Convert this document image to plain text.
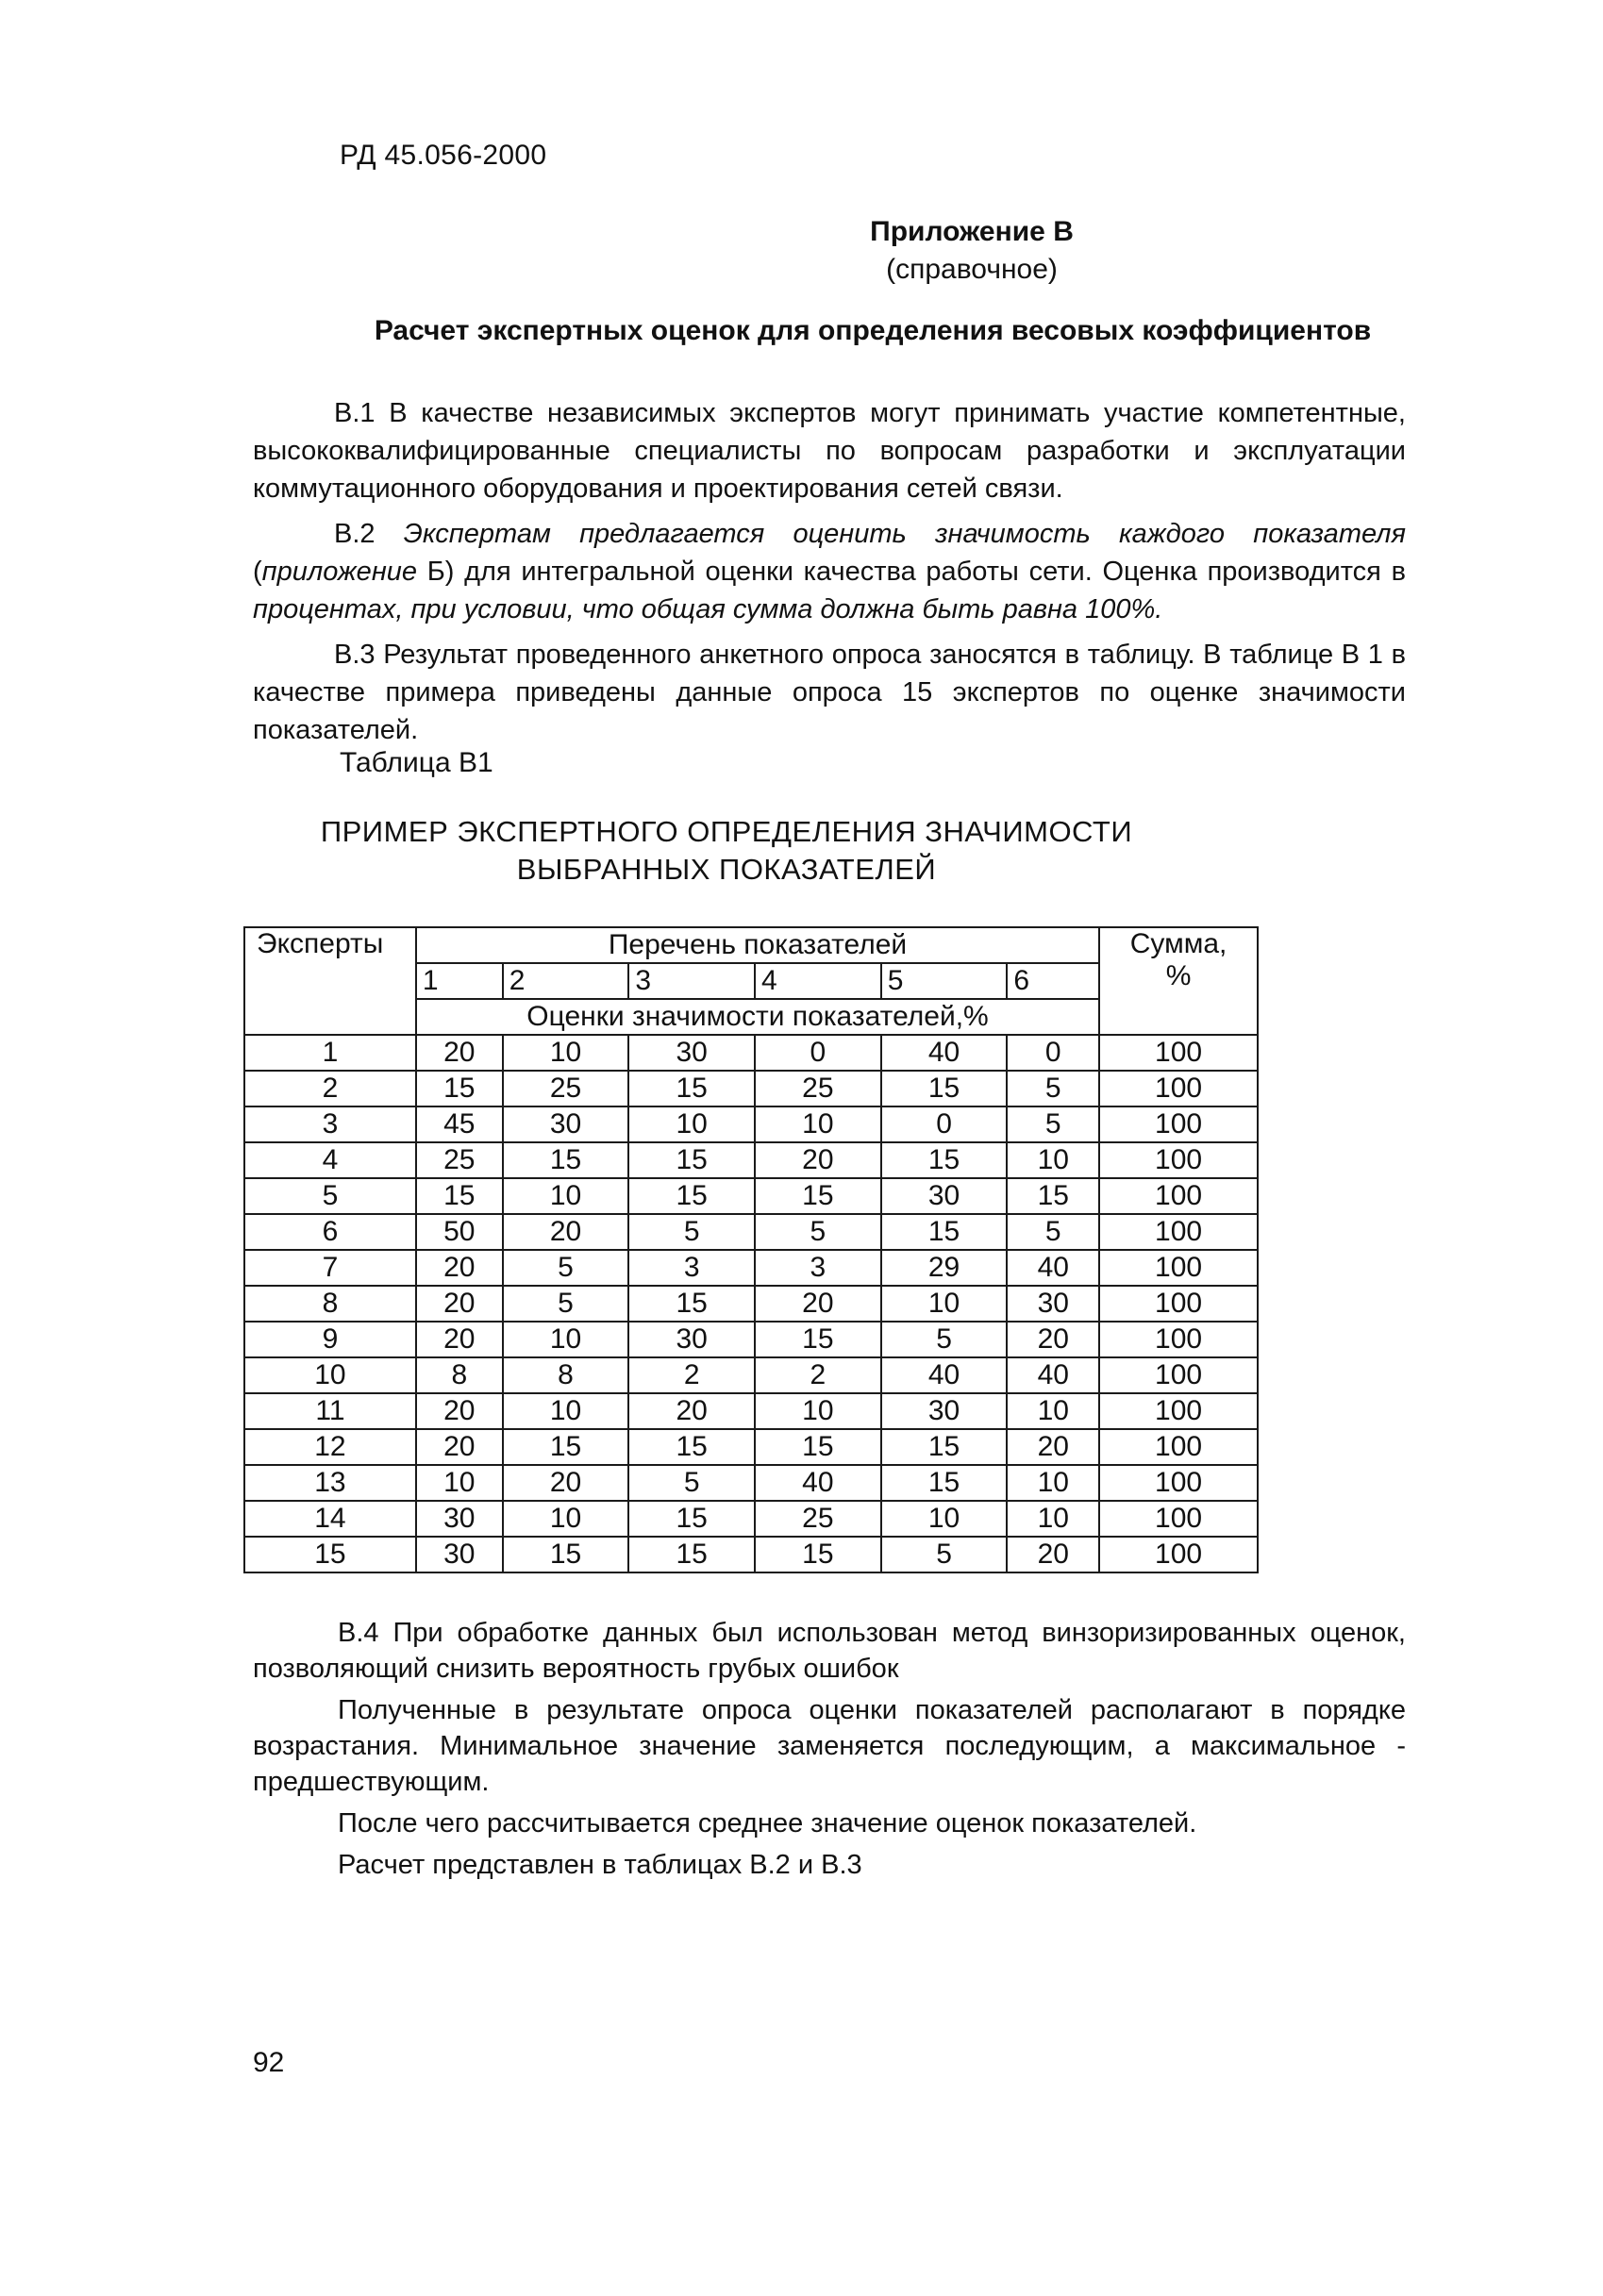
РД 45.056-2000
Приложение В
(справочное)
Расчет экспертных оценок для определения весовых коэффициентов

В.1 В качестве независимых экспертов могут принимать участие компетентные, высококвалифицированные специалисты по вопросам разработки и эксплуатации коммутационного оборудования и проектирования сетей связи.

В.2 Экспертам предлагается оценить значимость каждого показателя (приложение Б) для интегральной оценки качества работы сети. Оценка производится в процентах, при условии, что общая сумма должна быть равна 100%.

В.3 Результат проведенного анкетного опроса заносятся в таблицу. В таблице В 1 в качестве примера приведены данные опроса 15 экспертов по оценке значимости показателей.

Таблица В1
ПРИМЕР ЭКСПЕРТНОГО ОПРЕДЕЛЕНИЯ ЗНАЧИМОСТИ
ВЫБРАННЫХ ПОКАЗАТЕЛЕЙ
Эксперты	Перечень показателей						Сумма,
%

	1	2	3	4	5	6	
	Оценки значимости показателей,%						
1	20	10	30	0	40	0	100
2	15	25	15	25	15	5	100
3	45	30	10	10	0	5	100
4	25	15	15	20	15	10	100
5	15	10	15	15	30	15	100
6	50	20	5	5	15	5	100
7	20	5	3	3	29	40	100
8	20	5	15	20	10	30	100
9	20	10	30	15	5	20	100
10	8	8	2	2	40	40	100
11	20	10	20	10	30	10	100
12	20	15	15	15	15	20	100
13	10	20	5	40	15	10	100
14	30	10	15	25	10	10	100
15	30	15	15	15	5	20	100

В.4 При обработке данных был использован метод винзоризированных оценок, позволяющий снизить вероятность грубых ошибок

Полученные в результате опроса оценки показателей располагают в порядке возрастания. Минимальное значение заменяется последующим, а максимальное - предшествующим.

После чего рассчитывается среднее значение оценок показателей.

Расчет представлен в таблицах В.2 и В.3

92
